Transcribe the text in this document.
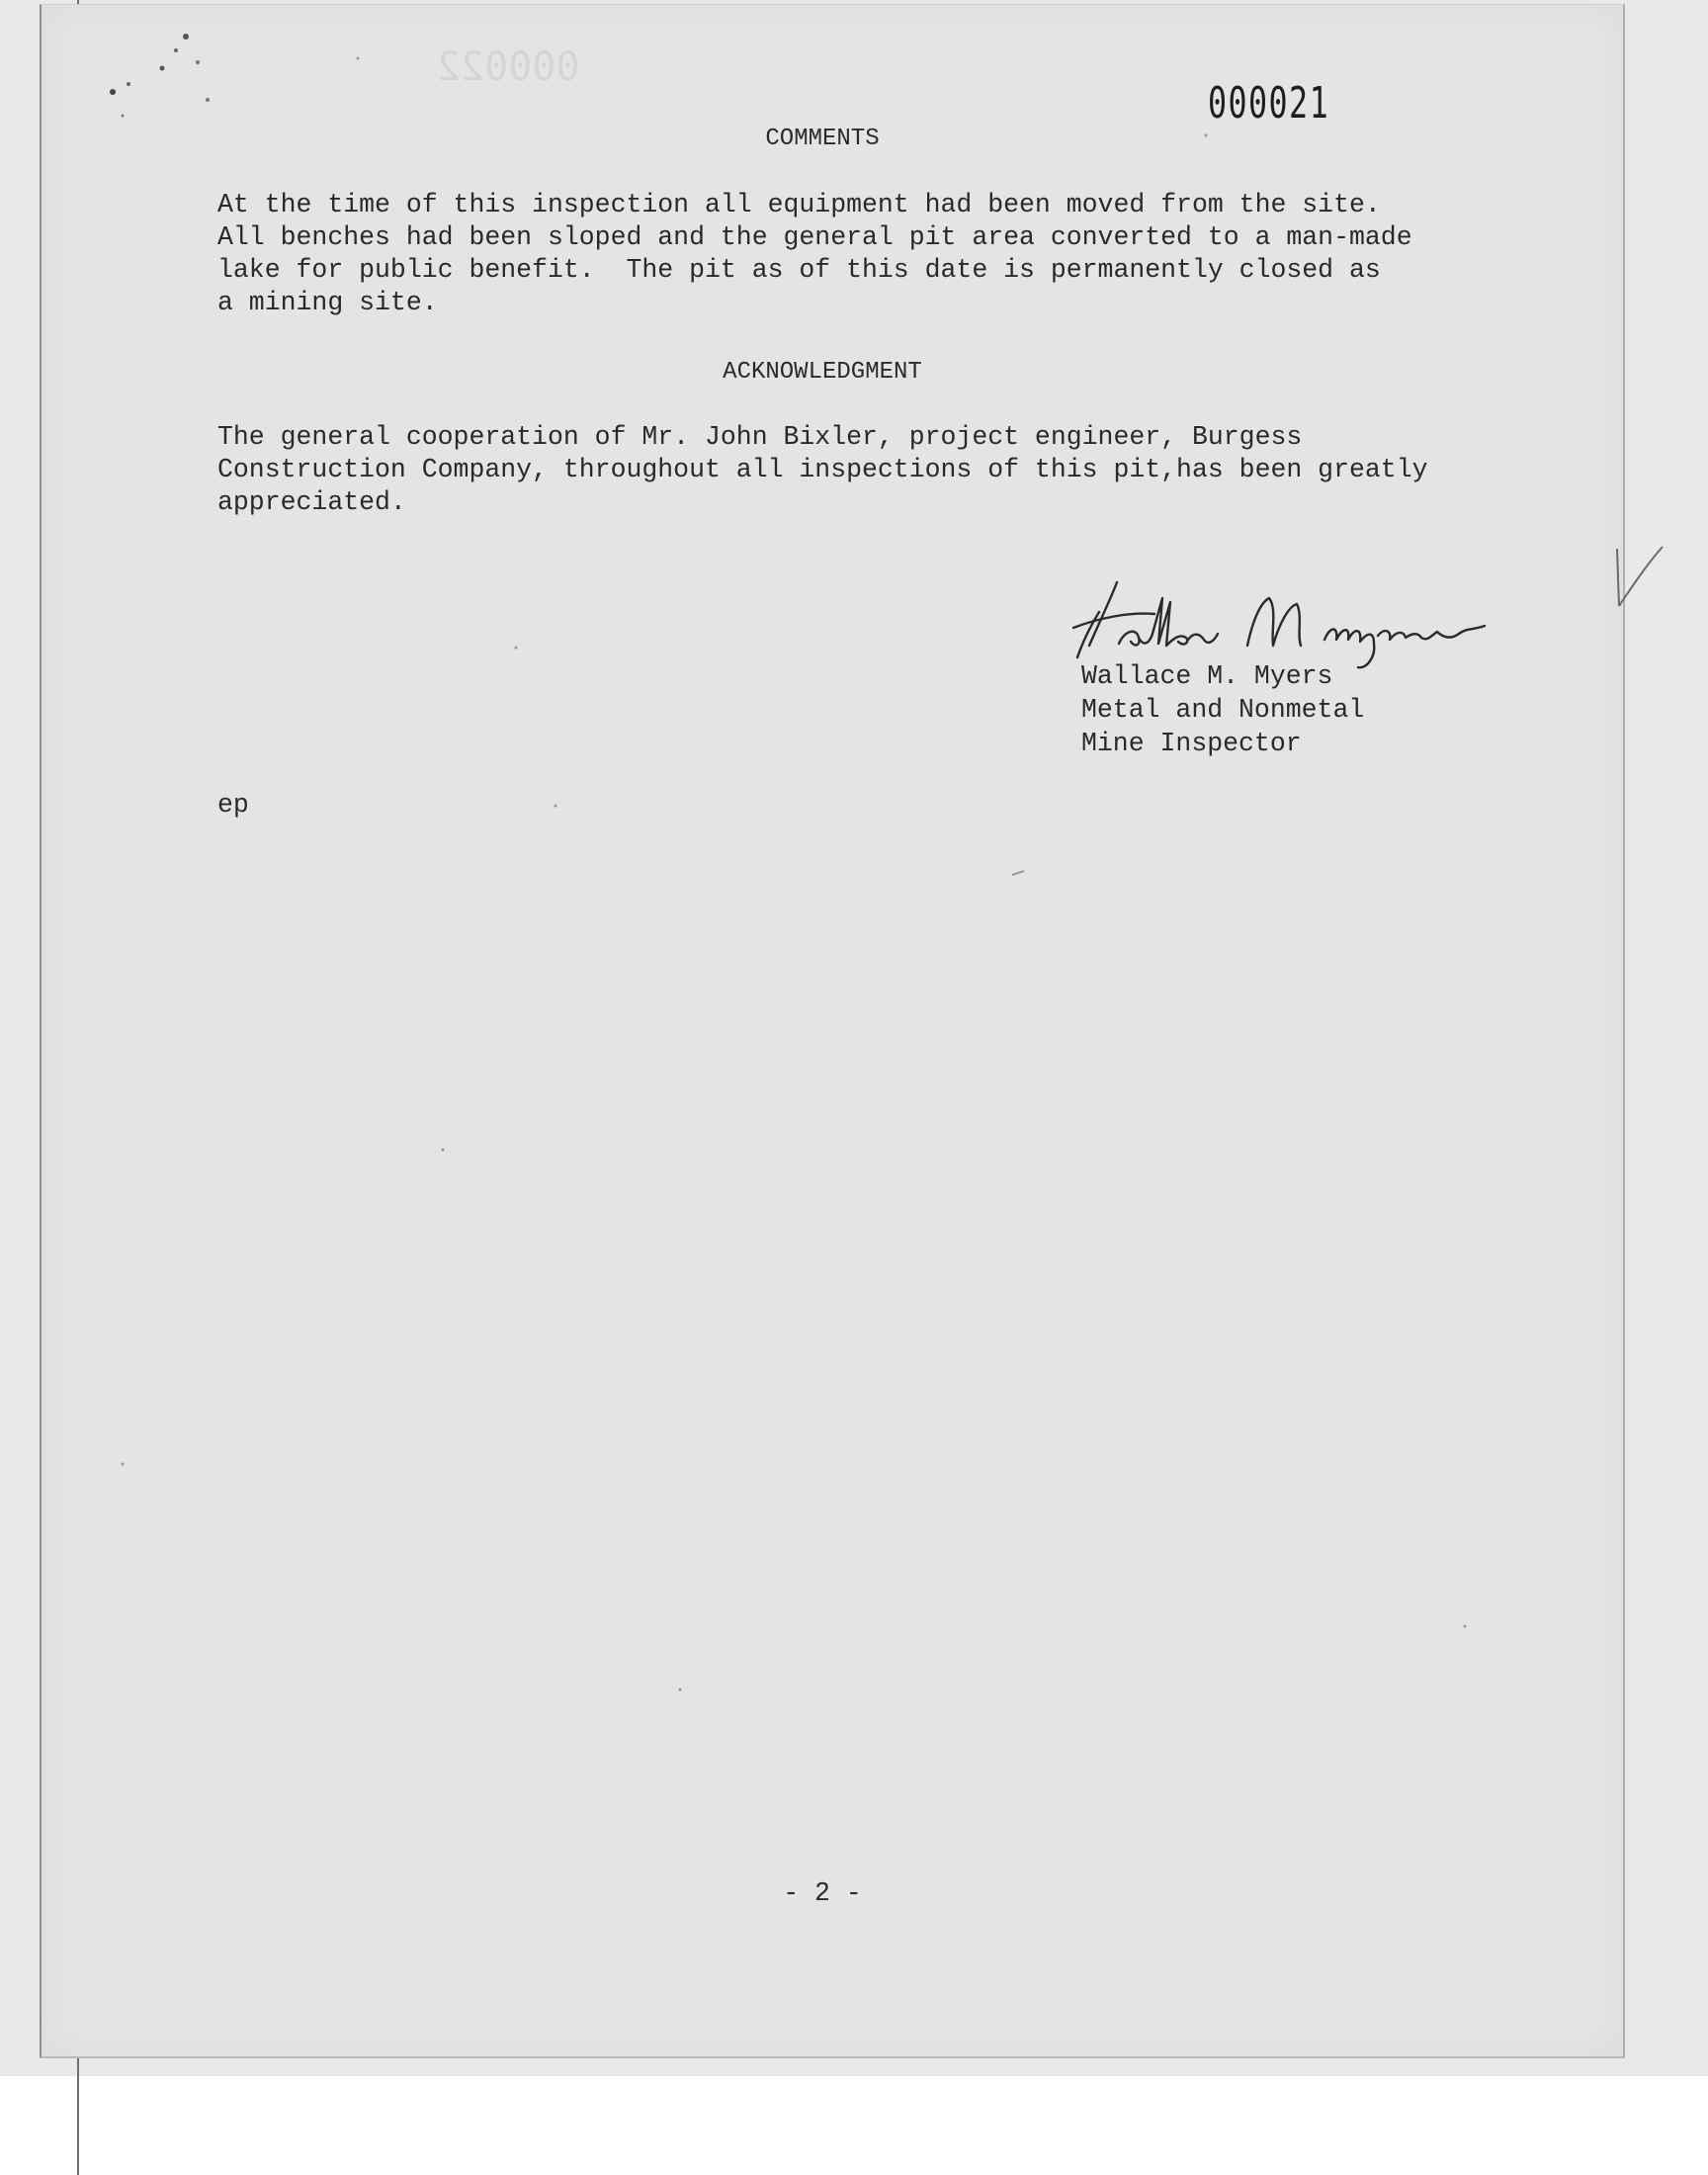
000022
000021
COMMENTS
At the time of this inspection all equipment had been moved from the site.
All benches had been sloped and the general pit area converted to a man-made
lake for public benefit.  The pit as of this date is permanently closed as
a mining site.
ACKNOWLEDGMENT
The general cooperation of Mr. John Bixler, project engineer, Burgess
Construction Company, throughout all inspections of this pit,has been greatly
appreciated.
Wallace M. Myers
Metal and Nonmetal
Mine Inspector
ep
- 2 -
